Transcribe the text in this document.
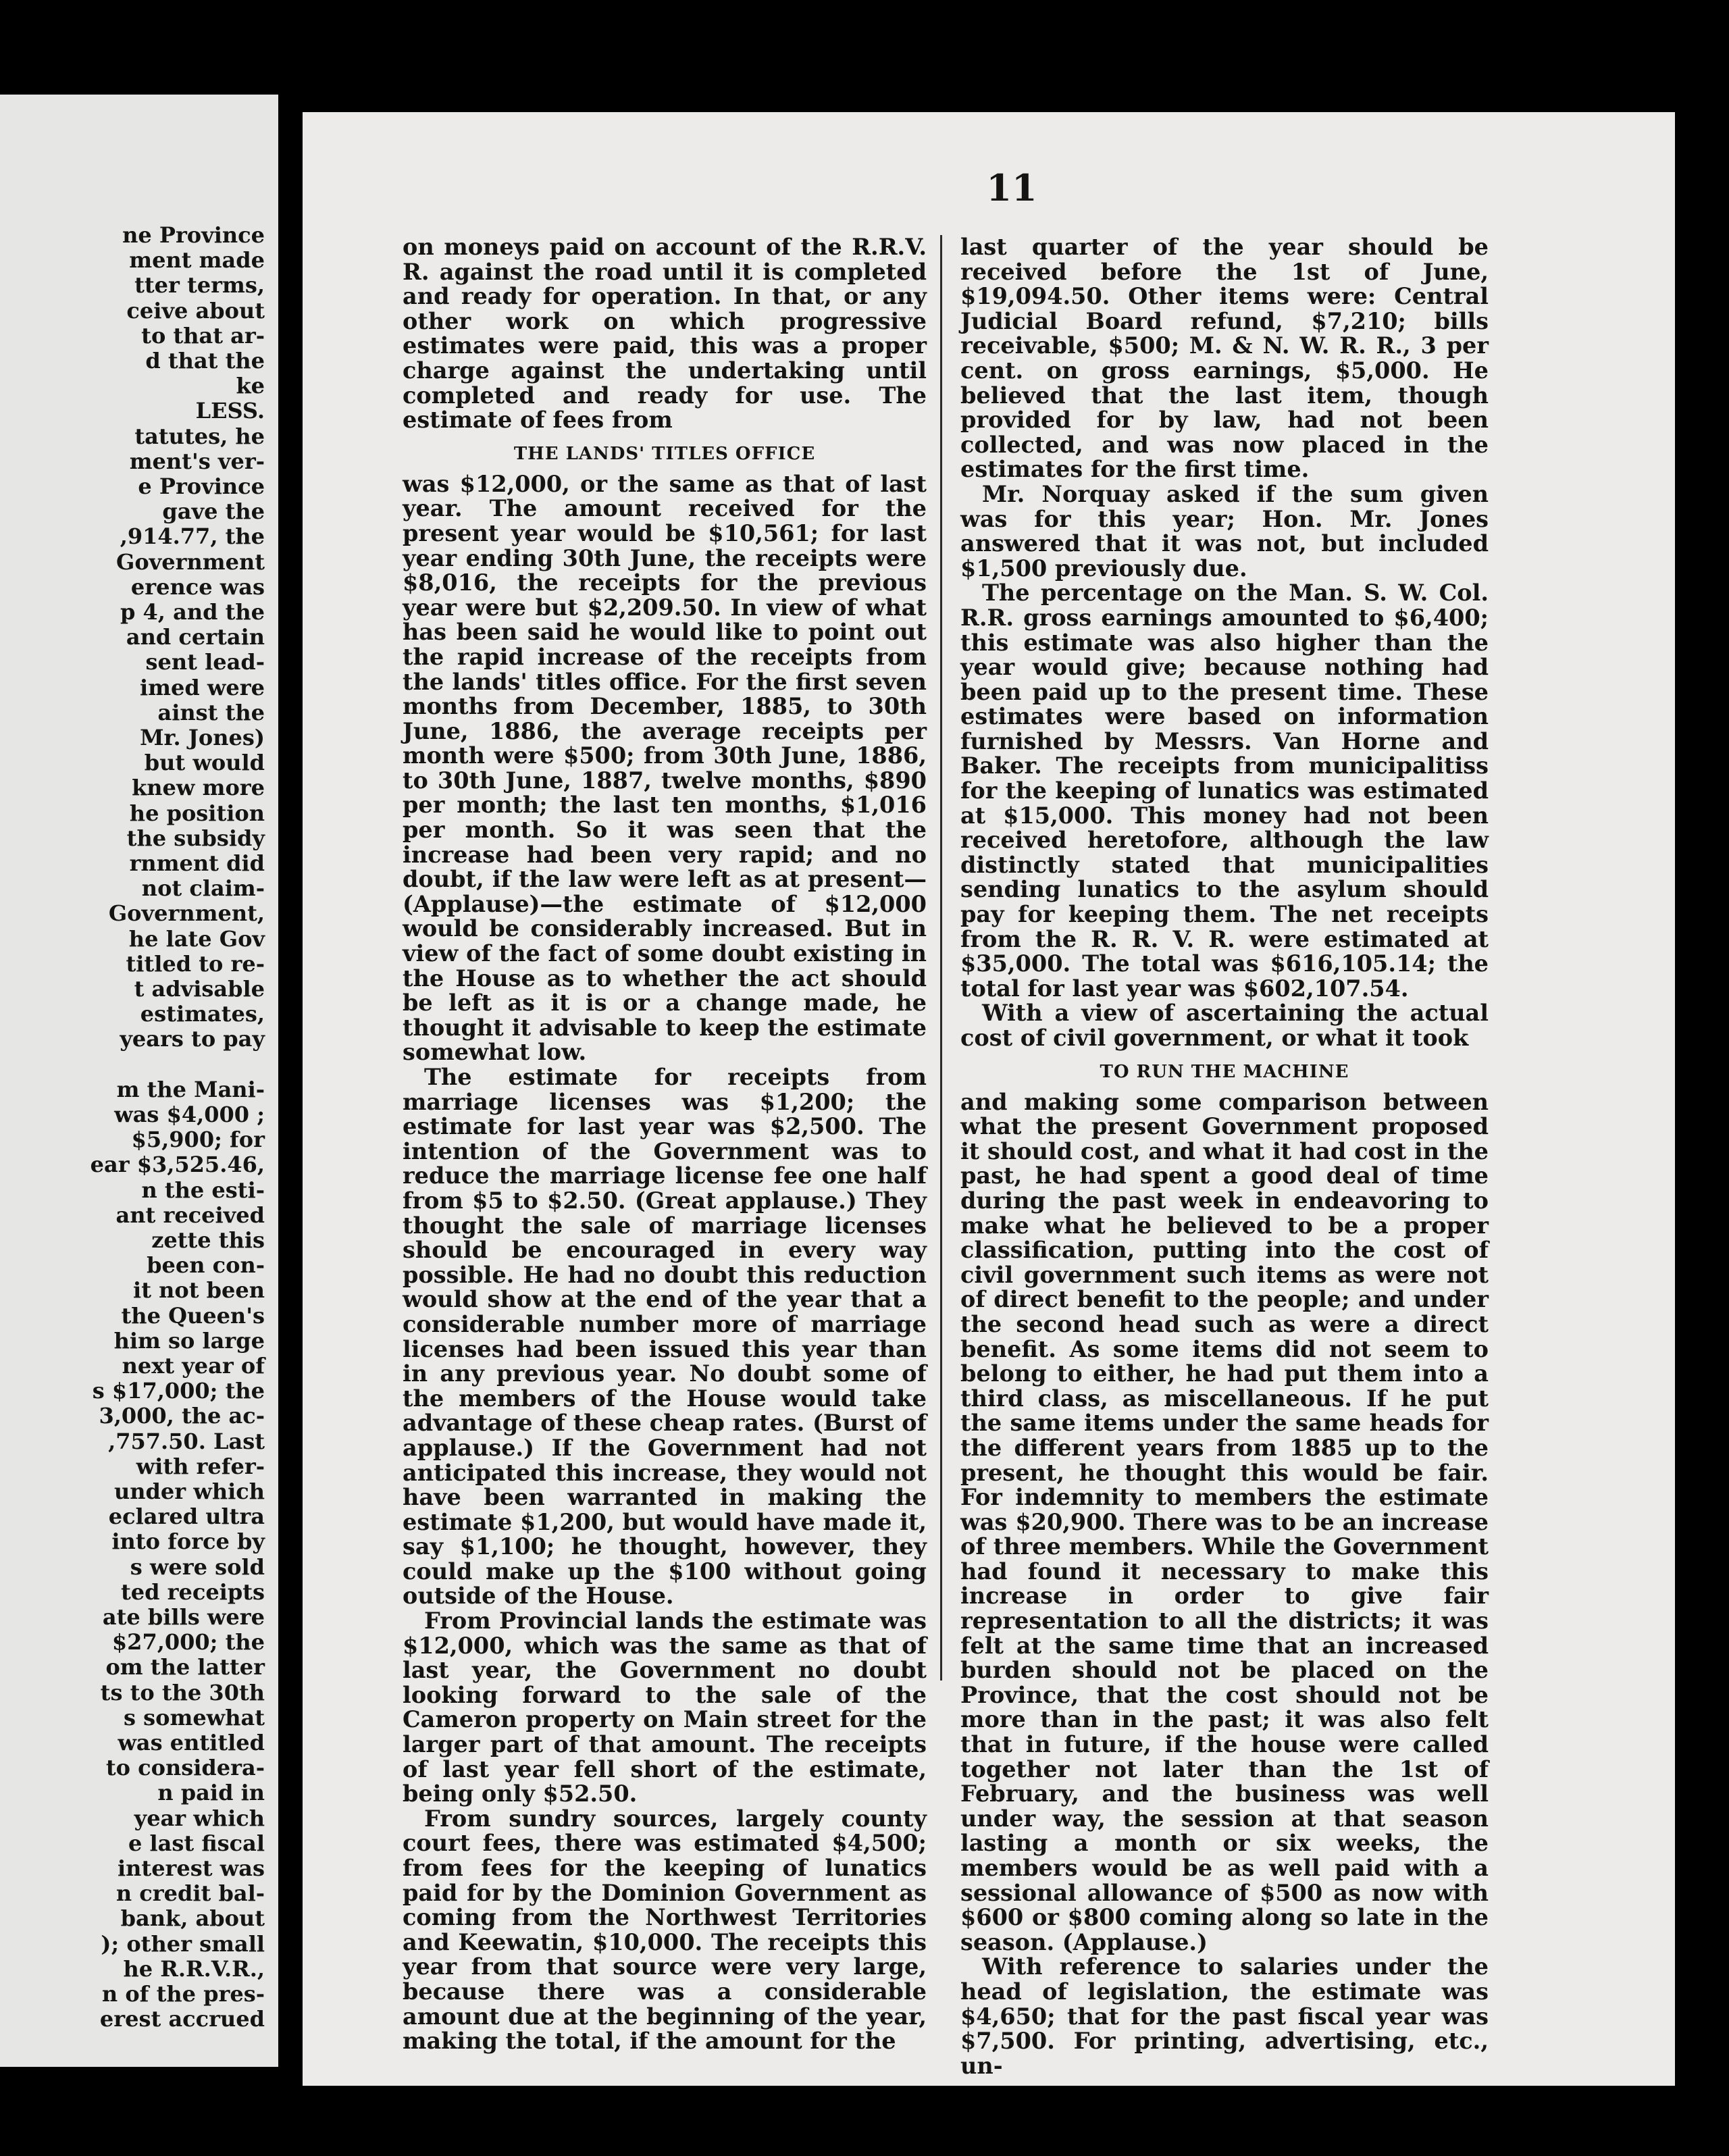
ne Province
ment made
tter terms,
ceive about
to that ar-
d that the
ke
LESS.
tatutes, he
ment's ver-
e Province
gave the
,914.77, the
Government
erence was
p 4, and the
and certain
sent lead-
imed were
ainst the
Mr. Jones)
but would
knew more
he position
the subsidy
rnment did
not claim-
Government,
he late Gov
titled to re-
t advisable
estimates,
years to pay
m the Mani-
was $4,000 ;
$5,900; for
ear $3,525.46,
n the esti-
ant received
zette this
been con-
it not been
the Queen's
him so large
next year of
s $17,000; the
3,000, the ac-
,757.50. Last
with refer-
under which
eclared ultra
into force by
s were sold
ted receipts
ate bills were
$27,000; the
om the latter
ts to the 30th
s somewhat
was entitled
to considera-
n paid in
year which
e last fiscal
interest was
n credit bal-
bank, about
); other small
he R.R.V.R.,
n of the pres-
erest accrued
11

on moneys paid on account of the R.R.V. R. against the road until it is completed and ready for operation. In that, or any other work on which progressive estimates were paid, this was a proper charge against the undertaking until completed and ready for use. The estimate of fees from

THE LANDS' TITLES OFFICE

was $12,000, or the same as that of last year. The amount received for the present year would be $10,561; for last year ending 30th June, the receipts were $8,016, the receipts for the previous year were but $2,209.50. In view of what has been said he would like to point out the rapid increase of the receipts from the lands' titles office. For the first seven months from December, 1885, to 30th June, 1886, the average receipts per month were $500; from 30th June, 1886, to 30th June, 1887, twelve months, $890 per month; the last ten months, $1,016 per month. So it was seen that the increase had been very rapid; and no doubt, if the law were left as at present—(Applause)—the estimate of $12,000 would be considerably increased. But in view of the fact of some doubt existing in the House as to whether the act should be left as it is or a change made, he thought it advisable to keep the estimate somewhat low.

The estimate for receipts from marriage licenses was $1,200; the estimate for last year was $2,500. The intention of the Government was to reduce the marriage license fee one half from $5 to $2.50. (Great applause.) They thought the sale of marriage licenses should be encouraged in every way possible. He had no doubt this reduction would show at the end of the year that a considerable number more of marriage licenses had been issued this year than in any previous year. No doubt some of the members of the House would take advantage of these cheap rates. (Burst of applause.) If the Government had not anticipated this increase, they would not have been warranted in making the estimate $1,200, but would have made it, say $1,100; he thought, however, they could make up the $100 without going outside of the House.

From Provincial lands the estimate was $12,000, which was the same as that of last year, the Government no doubt looking forward to the sale of the Cameron property on Main street for the larger part of that amount. The receipts of last year fell short of the estimate, being only $52.50.

From sundry sources, largely county court fees, there was estimated $4,500; from fees for the keeping of lunatics paid for by the Dominion Government as coming from the Northwest Territories and Keewatin, $10,000. The receipts this year from that source were very large, because there was a considerable amount due at the beginning of the year, making the total, if the amount for the

last quarter of the year should be received before the 1st of June, $19,094.50. Other items were: Central Judicial Board refund, $7,210; bills receivable, $500; M. & N. W. R. R., 3 per cent. on gross earnings, $5,000. He believed that the last item, though provided for by law, had not been collected, and was now placed in the estimates for the first time.

Mr. Norquay asked if the sum given was for this year; Hon. Mr. Jones answered that it was not, but included $1,500 previously due.

The percentage on the Man. S. W. Col. R.R. gross earnings amounted to $6,400; this estimate was also higher than the year would give; because nothing had been paid up to the present time. These estimates were based on information furnished by Messrs. Van Horne and Baker. The receipts from municipalitiss for the keeping of lunatics was estimated at $15,000. This money had not been received heretofore, although the law distinctly stated that municipalities sending lunatics to the asylum should pay for keeping them. The net receipts from the R. R. V. R. were estimated at $35,000. The total was $616,105.14; the total for last year was $602,107.54.

With a view of ascertaining the actual cost of civil government, or what it took

TO RUN THE MACHINE

and making some comparison between what the present Government proposed it should cost, and what it had cost in the past, he had spent a good deal of time during the past week in endeavoring to make what he believed to be a proper classification, putting into the cost of civil government such items as were not of direct benefit to the people; and under the second head such as were a direct benefit. As some items did not seem to belong to either, he had put them into a third class, as miscellaneous. If he put the same items under the same heads for the different years from 1885 up to the present, he thought this would be fair. For indemnity to members the estimate was $20,900. There was to be an increase of three members. While the Government had found it necessary to make this increase in order to give fair representation to all the districts; it was felt at the same time that an increased burden should not be placed on the Province, that the cost should not be more than in the past; it was also felt that in future, if the house were called together not later than the 1st of February, and the business was well under way, the session at that season lasting a month or six weeks, the members would be as well paid with a sessional allowance of $500 as now with $600 or $800 coming along so late in the season. (Applause.)

With reference to salaries under the head of legislation, the estimate was $4,650; that for the past fiscal year was $7,500. For printing, advertising, etc., un-
